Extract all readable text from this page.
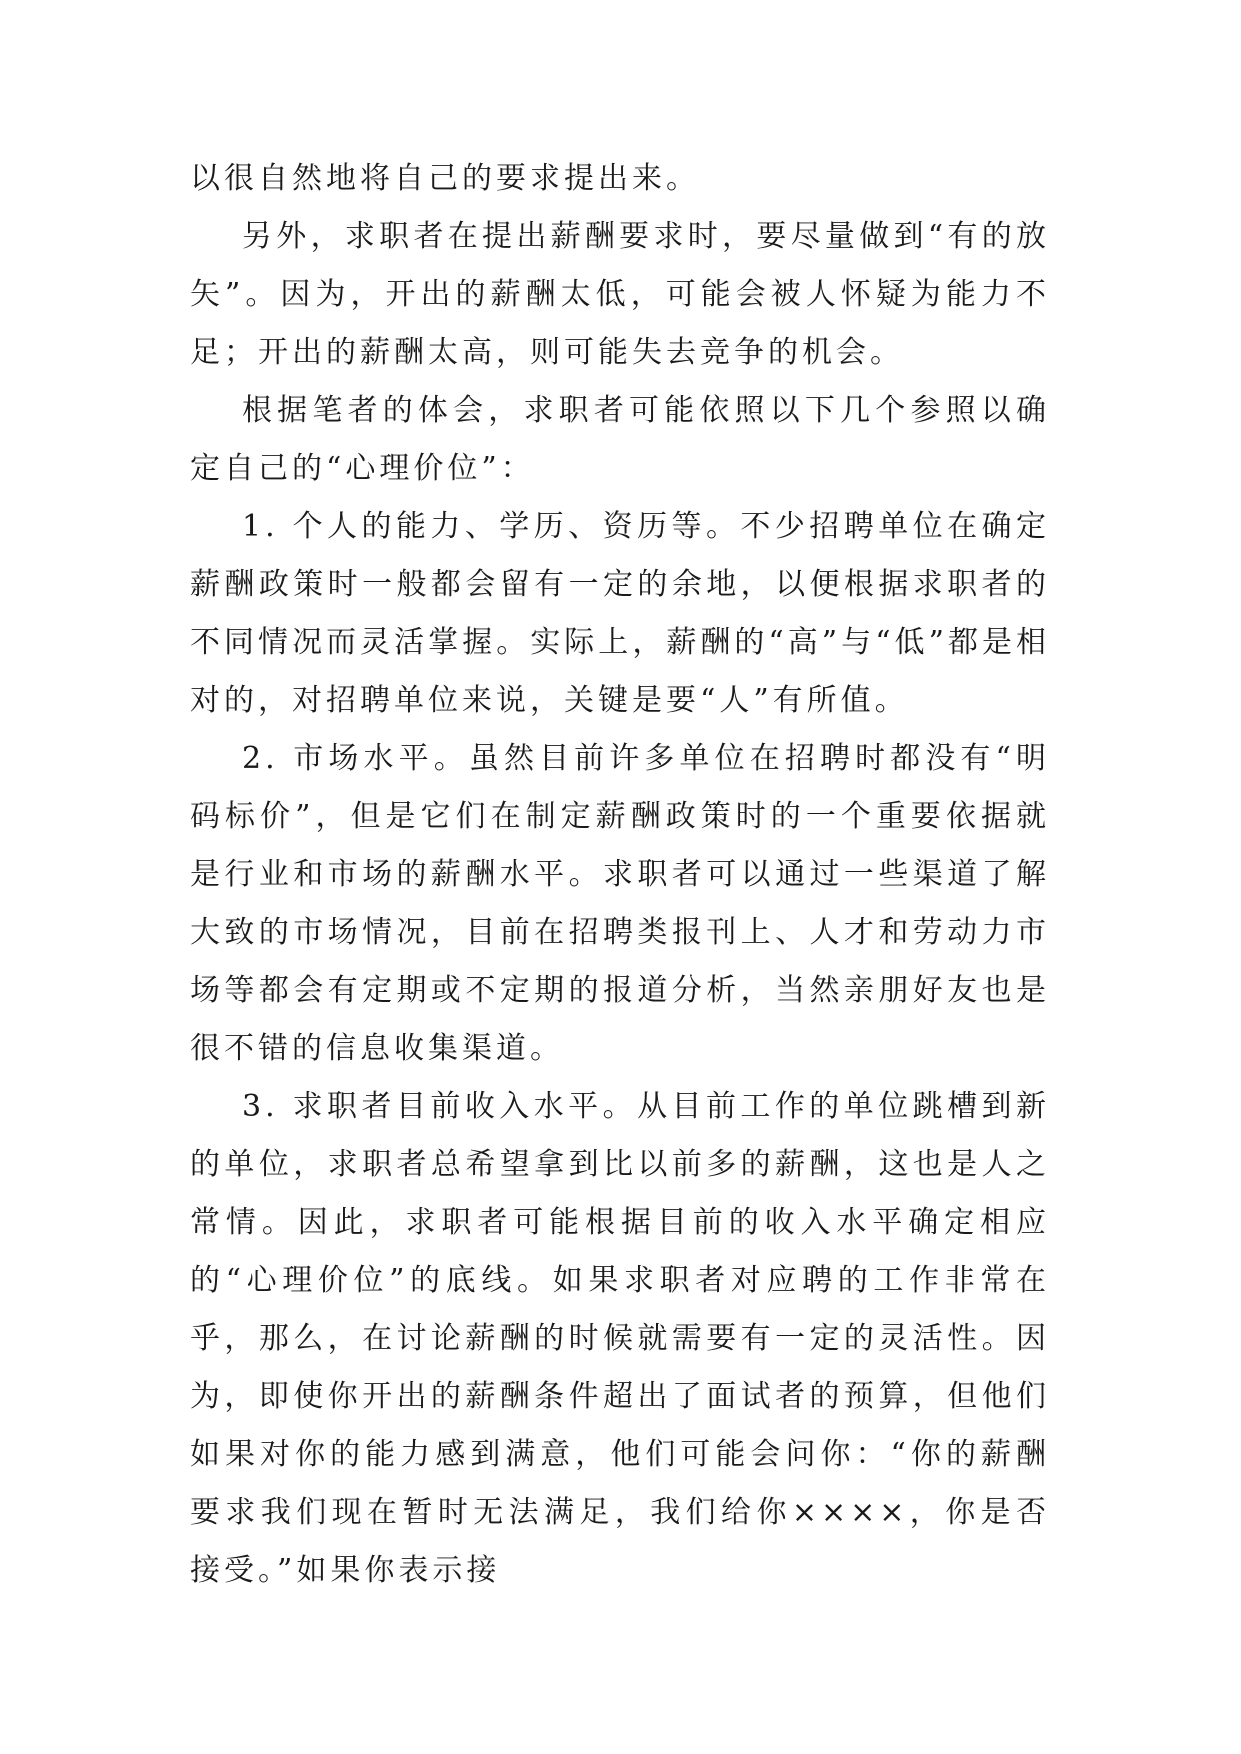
以很自然地将自己的要求提出来。

另外，求职者在提出薪酬要求时，要尽量做到“有的放矢”。因为，开出的薪酬太低，可能会被人怀疑为能力不足；开出的薪酬太高，则可能失去竞争的机会。

根据笔者的体会，求职者可能依照以下几个参照以确定自己的“心理价位”：

1. 个人的能力、学历、资历等。不少招聘单位在确定薪酬政策时一般都会留有一定的余地，以便根据求职者的不同情况而灵活掌握。实际上，薪酬的“高”与“低”都是相对的，对招聘单位来说，关键是要“人”有所值。

2. 市场水平。虽然目前许多单位在招聘时都没有“明码标价”，但是它们在制定薪酬政策时的一个重要依据就是行业和市场的薪酬水平。求职者可以通过一些渠道了解大致的市场情况，目前在招聘类报刊上、人才和劳动力市场等都会有定期或不定期的报道分析，当然亲朋好友也是很不错的信息收集渠道。

3. 求职者目前收入水平。从目前工作的单位跳槽到新的单位，求职者总希望拿到比以前多的薪酬，这也是人之常情。因此，求职者可能根据目前的收入水平确定相应的“心理价位”的底线。如果求职者对应聘的工作非常在乎，那么，在讨论薪酬的时候就需要有一定的灵活性。因为，即使你开出的薪酬条件超出了面试者的预算，但他们如果对你的能力感到满意，他们可能会问你：“你的薪酬要求我们现在暂时无法满足，我们给你××××，你是否接受。”如果你表示接
